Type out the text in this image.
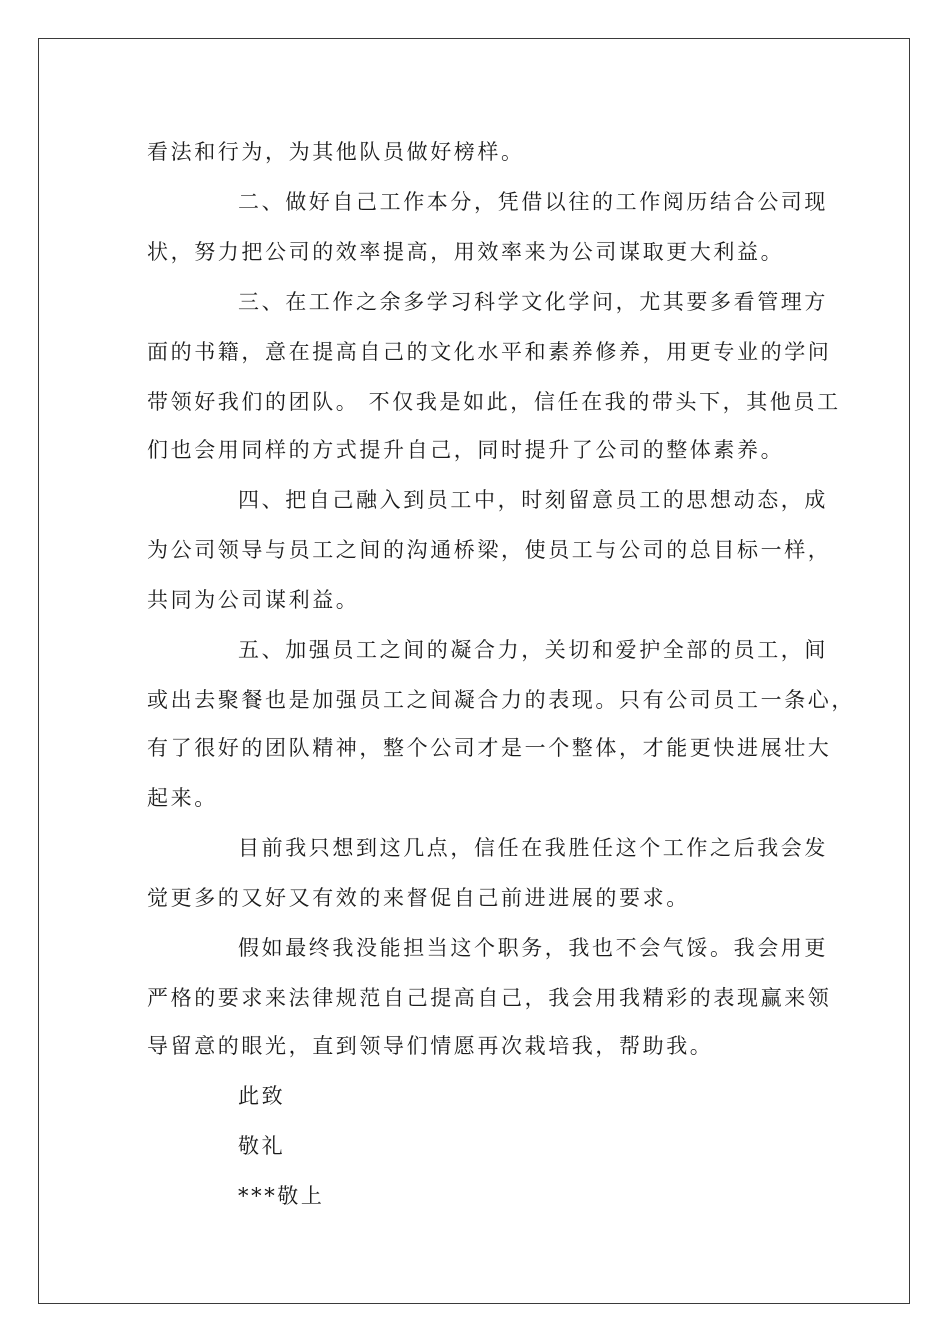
看法和行为，为其他队员做好榜样。
二、做好自己工作本分，凭借以往的工作阅历结合公司现
状，努力把公司的效率提高，用效率来为公司谋取更大利益。
三、在工作之余多学习科学文化学问，尤其要多看管理方
面的书籍，意在提高自己的文化水平和素养修养，用更专业的学问
带领好我们的团队。 不仅我是如此，信任在我的带头下，其他员工
们也会用同样的方式提升自己，同时提升了公司的整体素养。
四、把自己融入到员工中，时刻留意员工的思想动态，成
为公司领导与员工之间的沟通桥梁，使员工与公司的总目标一样，
共同为公司谋利益。
五、加强员工之间的凝合力，关切和爱护全部的员工，间
或出去聚餐也是加强员工之间凝合力的表现。只有公司员工一条心，
有了很好的团队精神，整个公司才是一个整体，才能更快进展壮大
起来。
目前我只想到这几点，信任在我胜任这个工作之后我会发
觉更多的又好又有效的来督促自己前进进展的要求。
假如最终我没能担当这个职务，我也不会气馁。我会用更
严格的要求来法律规范自己提高自己，我会用我精彩的表现赢来领
导留意的眼光，直到领导们情愿再次栽培我，帮助我。
此致
敬礼
***敬上
